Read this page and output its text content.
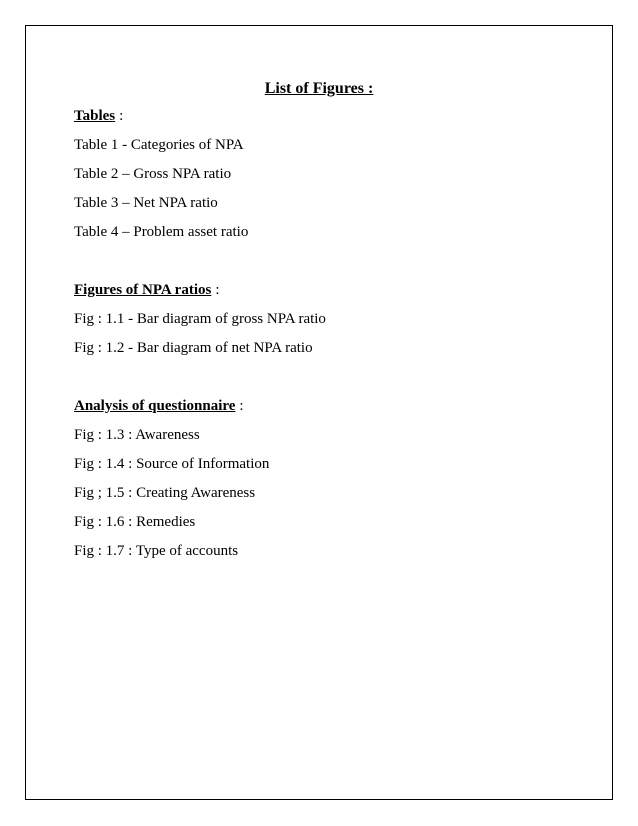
List of Figures :
Tables :
Table 1 - Categories of NPA
Table 2 – Gross NPA ratio
Table 3 – Net NPA ratio
Table 4 – Problem asset ratio
Figures of NPA ratios :
Fig : 1.1 - Bar diagram of gross NPA ratio
Fig : 1.2 - Bar diagram of net NPA ratio
Analysis of questionnaire :
Fig : 1.3 : Awareness
Fig : 1.4 : Source of Information
Fig ; 1.5 : Creating Awareness
Fig : 1.6 : Remedies
Fig : 1.7 : Type of accounts
